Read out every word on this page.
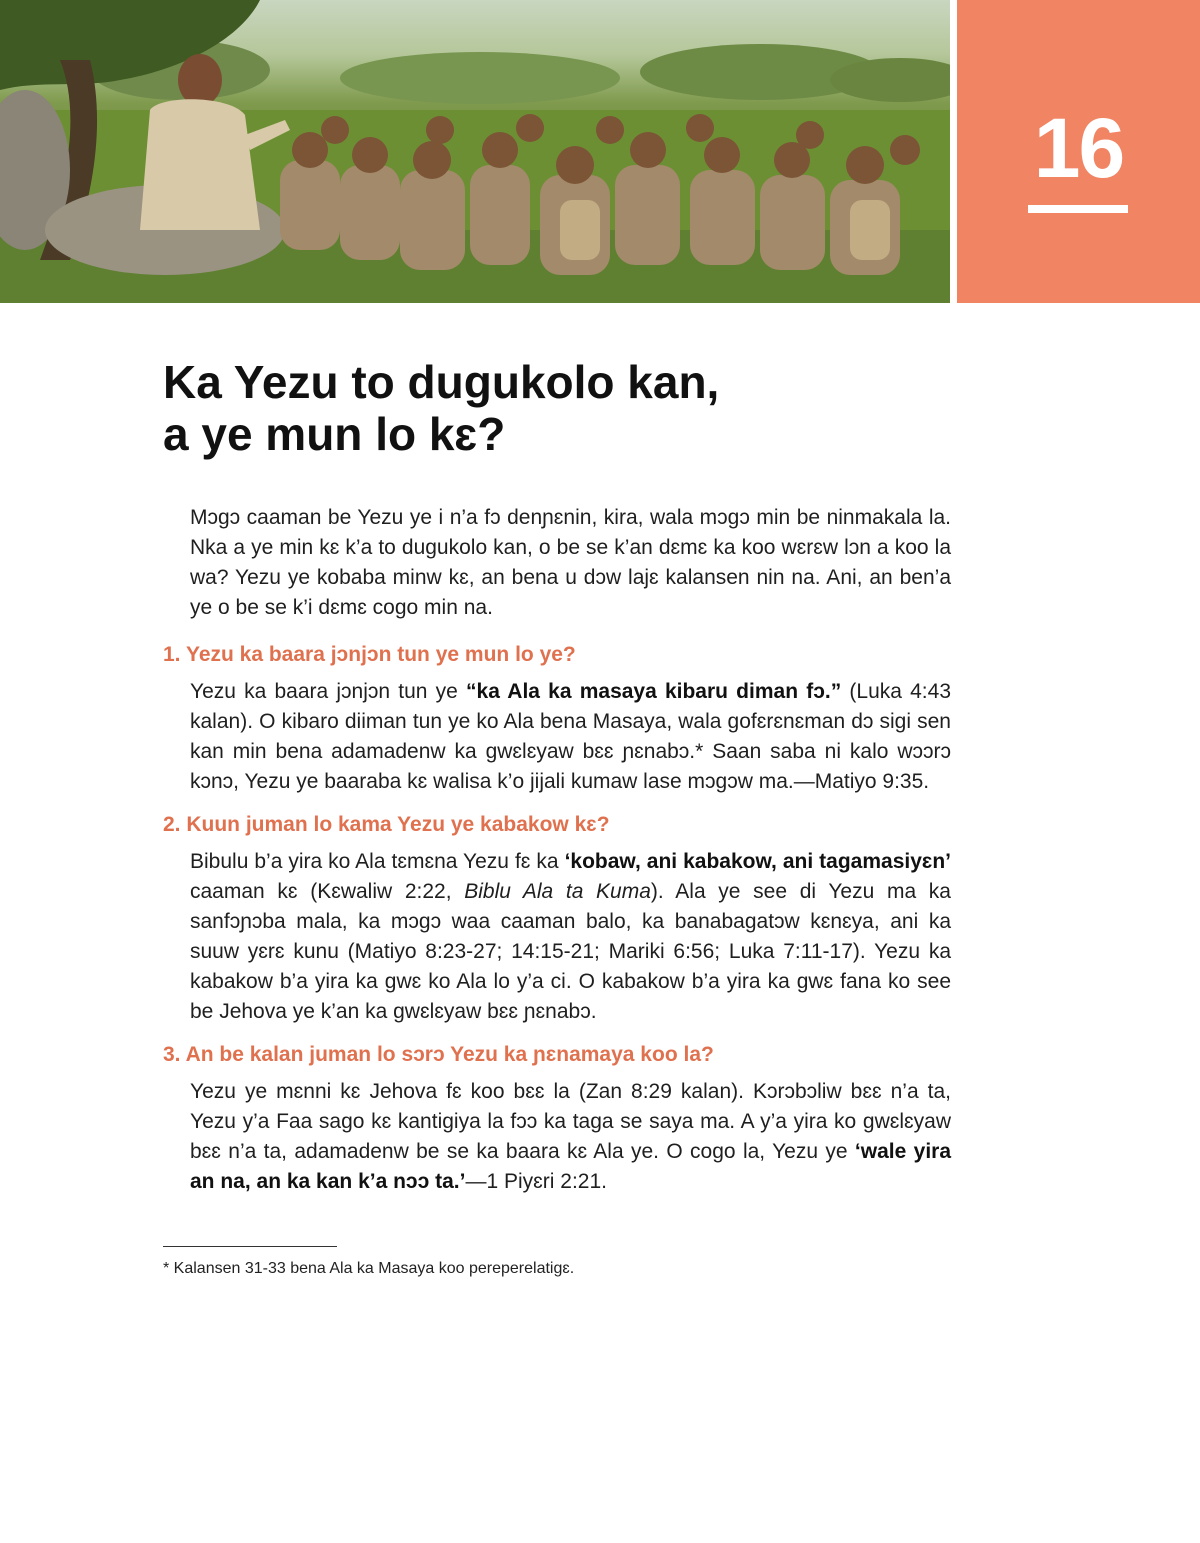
16
Ka Yezu to dugukolo kan,
a ye mun lo kɛ?

Mɔgɔ caaman be Yezu ye i n’a fɔ denɲɛnin, kira, wala mɔgɔ min be ninmakala la. Nka a ye min kɛ k’a to dugukolo kan, o be se k’an dɛmɛ ka koo wɛrɛw lɔn a koo la wa? Yezu ye kobaba minw kɛ, an bena u dɔw lajɛ kalansen nin na. Ani, an ben’a ye o be se k’i dɛmɛ cogo min na.

1. Yezu ka baara jɔnjɔn tun ye mun lo ye?

Yezu ka baara jɔnjɔn tun ye “ka Ala ka masaya kibaru diman fɔ.” (Luka 4:43 kalan). O kibaro diiman tun ye ko Ala bena Masaya, wala gofɛrɛnɛman dɔ sigi sen kan min bena adamadenw ka gwɛlɛyaw bɛɛ ɲɛnabɔ.* Saan saba ni kalo wɔɔrɔ kɔnɔ, Yezu ye baaraba kɛ walisa k’o jijali kumaw lase mɔgɔw ma.—Matiyo 9:35.

2. Kuun juman lo kama Yezu ye kabakow kɛ?

Bibulu b’a yira ko Ala tɛmɛna Yezu fɛ ka ‘kobaw, ani kabakow, ani tagamasiyɛn’ caaman kɛ (Kɛwaliw 2:22, Biblu Ala ta Kuma). Ala ye see di Yezu ma ka sanfɔɲɔba mala, ka mɔgɔ waa caaman balo, ka banabagatɔw kɛnɛya, ani ka suuw yɛrɛ kunu (Matiyo 8:23-27; 14:15-21; Mariki 6:56; Luka 7:11-17). Yezu ka kabakow b’a yira ka gwɛ ko Ala lo y’a ci. O kabakow b’a yira ka gwɛ fana ko see be Jehova ye k’an ka gwɛlɛyaw bɛɛ ɲɛnabɔ.

3. An be kalan juman lo sɔrɔ Yezu ka ɲɛnamaya koo la?

Yezu ye mɛnni kɛ Jehova fɛ koo bɛɛ la (Zan 8:29 kalan). Kɔrɔbɔliw bɛɛ n’a ta, Yezu y’a Faa sago kɛ kantigiya la fɔɔ ka taga se saya ma. A y’a yira ko gwɛlɛyaw bɛɛ n’a ta, adamadenw be se ka baara kɛ Ala ye. O cogo la, Yezu ye ‘wale yira an na, an ka kan k’a nɔɔ ta.’—1 Piyɛri 2:21.

* Kalansen 31-33 bena Ala ka Masaya koo pereperelatigɛ.
